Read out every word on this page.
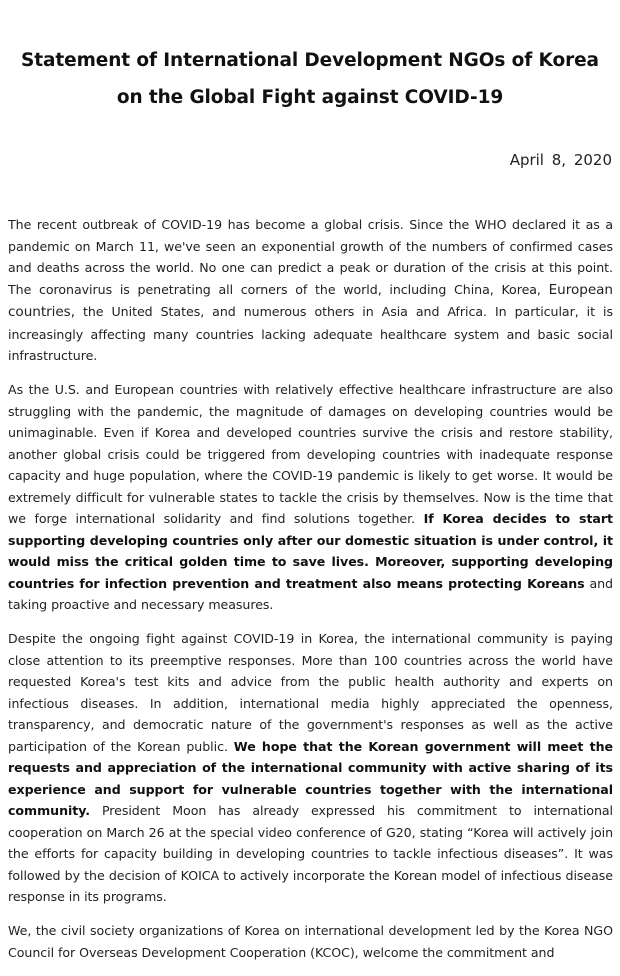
Statement of International Development NGOs of Korea

on the Global Fight against COVID-19

April 8, 2020

The recent outbreak of COVID-19 has become a global crisis. Since the WHO declared it as a pandemic on March 11, we've seen an exponential growth of the numbers of confirmed cases and deaths across the world. No one can predict a peak or duration of the crisis at this point. The coronavirus is penetrating all corners of the world, including China, Korea, European countries, the United States, and numerous others in Asia and Africa. In particular, it is increasingly affecting many countries lacking adequate healthcare system and basic social infrastructure.

As the U.S. and European countries with relatively effective healthcare infrastructure are also struggling with the pandemic, the magnitude of damages on developing countries would be unimaginable. Even if Korea and developed countries survive the crisis and restore stability, another global crisis could be triggered from developing countries with inadequate response capacity and huge population, where the COVID-19 pandemic is likely to get worse. It would be extremely difficult for vulnerable states to tackle the crisis by themselves. Now is the time that we forge international solidarity and find solutions together. If Korea decides to start supporting developing countries only after our domestic situation is under control, it would miss the critical golden time to save lives. Moreover, supporting developing countries for infection prevention and treatment also means protecting Koreans and taking proactive and necessary measures.

Despite the ongoing fight against COVID-19 in Korea, the international community is paying close attention to its preemptive responses. More than 100 countries across the world have requested Korea's test kits and advice from the public health authority and experts on infectious diseases. In addition, international media highly appreciated the openness, transparency, and democratic nature of the government's responses as well as the active participation of the Korean public. We hope that the Korean government will meet the requests and appreciation of the international community with active sharing of its experience and support for vulnerable countries together with the international community. President Moon has already expressed his commitment to international cooperation on March 26 at the special video conference of G20, stating “Korea will actively join the efforts for capacity building in developing countries to tackle infectious diseases”. It was followed by the decision of KOICA to actively incorporate the Korean model of infectious disease response in its programs.

We, the civil society organizations of Korea on international development led by the Korea NGO Council for Overseas Development Cooperation (KCOC), welcome the commitment and
